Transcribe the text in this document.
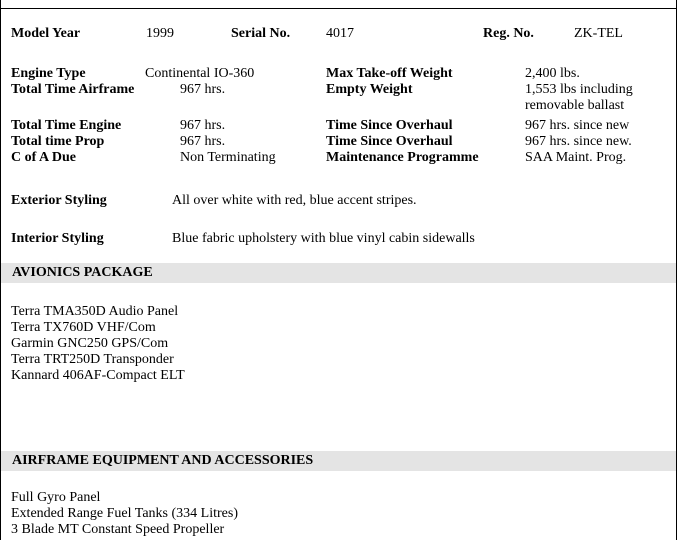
Model Year	1999	Serial No.	4017	Reg. No.	ZK-TEL
Engine Type	Continental IO-360	Max Take-off Weight	2,400 lbs.
Total Time Airframe	967 hrs.	Empty Weight	1,553 lbs including removable ballast
Total Time Engine	967 hrs.	Time Since Overhaul	967 hrs. since new
Total time Prop	967 hrs.	Time Since Overhaul	967 hrs. since new.
C of A Due	Non Terminating	Maintenance Programme	SAA Maint. Prog.
Exterior Styling	All over white with red, blue accent stripes.
Interior Styling	Blue fabric upholstery with blue vinyl cabin sidewalls
AVIONICS PACKAGE
Terra TMA350D Audio Panel
Terra TX760D VHF/Com
Garmin GNC250 GPS/Com
Terra TRT250D Transponder
Kannard 406AF-Compact ELT
AIRFRAME EQUIPMENT AND ACCESSORIES
Full Gyro Panel
Extended Range Fuel Tanks (334 Litres)
3 Blade MT Constant Speed Propeller
